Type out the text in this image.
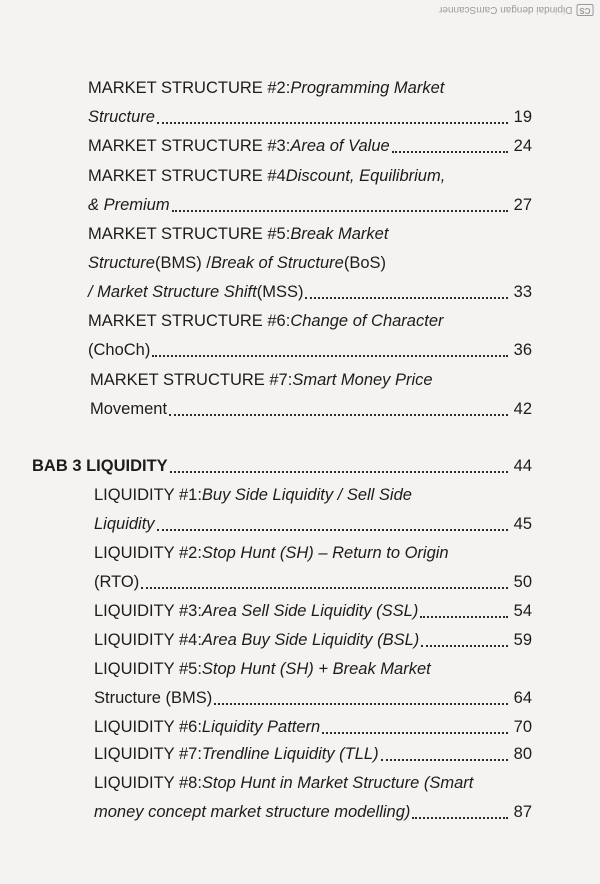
CS
Dipindai dengan CamScanner
MARKET STRUCTURE #2: Programming Market
Structure	19
MARKET STRUCTURE #3: Area of Value	24
MARKET STRUCTURE #4 Discount, Equilibrium,
& Premium	27
MARKET STRUCTURE #5: Break Market
Structure (BMS) / Break of Structure (BoS)
/ Market Structure Shift (MSS)	33
MARKET STRUCTURE #6: Change of Character
(ChoCh)	36
MARKET STRUCTURE #7: Smart Money Price
Movement	42
BAB 3 LIQUIDITY	44
LIQUIDITY #1: Buy Side Liquidity / Sell Side
Liquidity	45
LIQUIDITY #2: Stop Hunt (SH) – Return to Origin
(RTO)	50
LIQUIDITY #3: Area Sell Side Liquidity (SSL)	54
LIQUIDITY #4: Area Buy Side Liquidity (BSL)	59
LIQUIDITY #5: Stop Hunt (SH) + Break Market
Structure (BMS)	64
LIQUIDITY #6: Liquidity Pattern	70
LIQUIDITY #7: Trendline Liquidity (TLL)	80
LIQUIDITY #8: Stop Hunt in Market Structure (Smart
money concept market structure modelling)	87
